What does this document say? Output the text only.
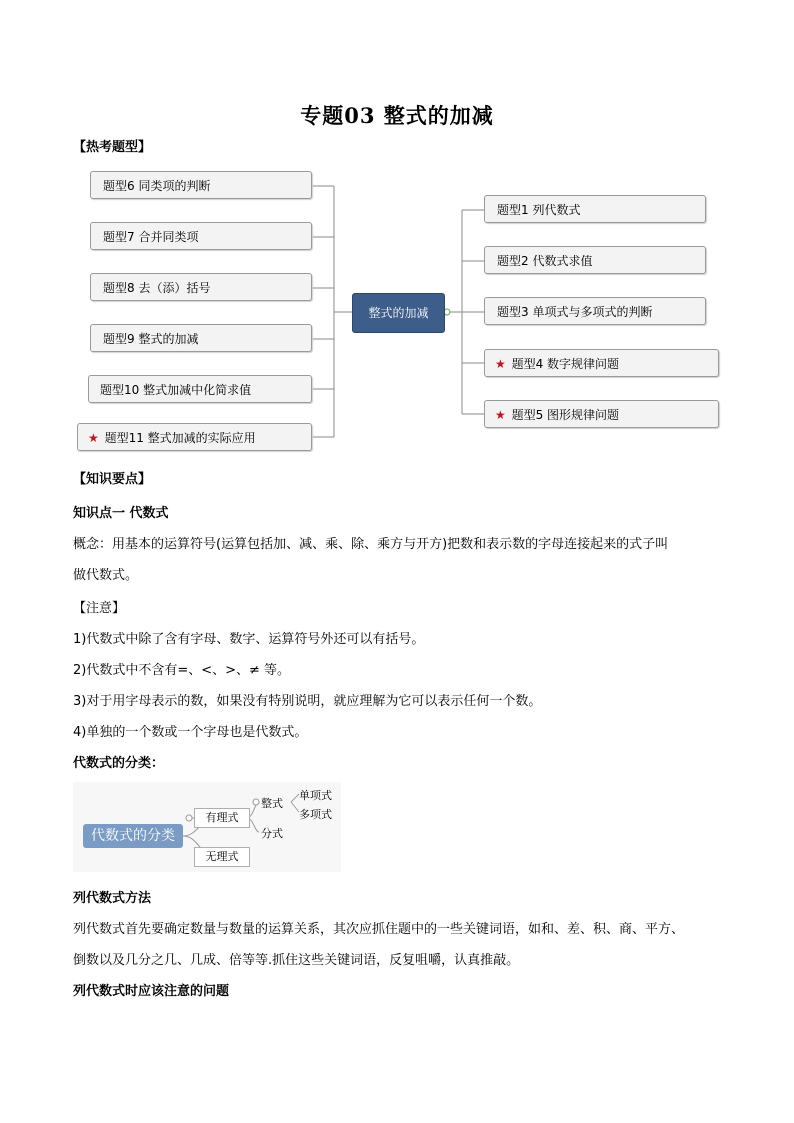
专题03 整式的加减
【热考题型】
题型6 同类项的判断
题型7 合并同类项
题型8 去（添）括号
题型9 整式的加减
题型10 整式加减中化简求值
★ 题型11 整式加减的实际应用
整式的加减
题型1 列代数式
题型2 代数式求值
题型3 单项式与多项式的判断
★ 题型4 数字规律问题
★ 题型5 图形规律问题
【知识要点】
知识点一 代数式
概念：用基本的运算符号(运算包括加、减、乘、除、乘方与开方)把数和表示数的字母连接起来的式子叫
做代数式。
【注意】
1)代数式中除了含有字母、数字、运算符号外还可以有括号。
2)代数式中不含有=、<、>、≠ 等。
3)对于用字母表示的数，如果没有特别说明，就应理解为它可以表示任何一个数。
4)单独的一个数或一个字母也是代数式。
代数式的分类：
代数式的分类
有理式
无理式
整式
分式
单项式
多项式
列代数式方法
列代数式首先要确定数量与数量的运算关系，其次应抓住题中的一些关键词语，如和、差、积、商、平方、
倒数以及几分之几、几成、倍等等.抓住这些关键词语，反复咀嚼，认真推敲。
列代数式时应该注意的问题
